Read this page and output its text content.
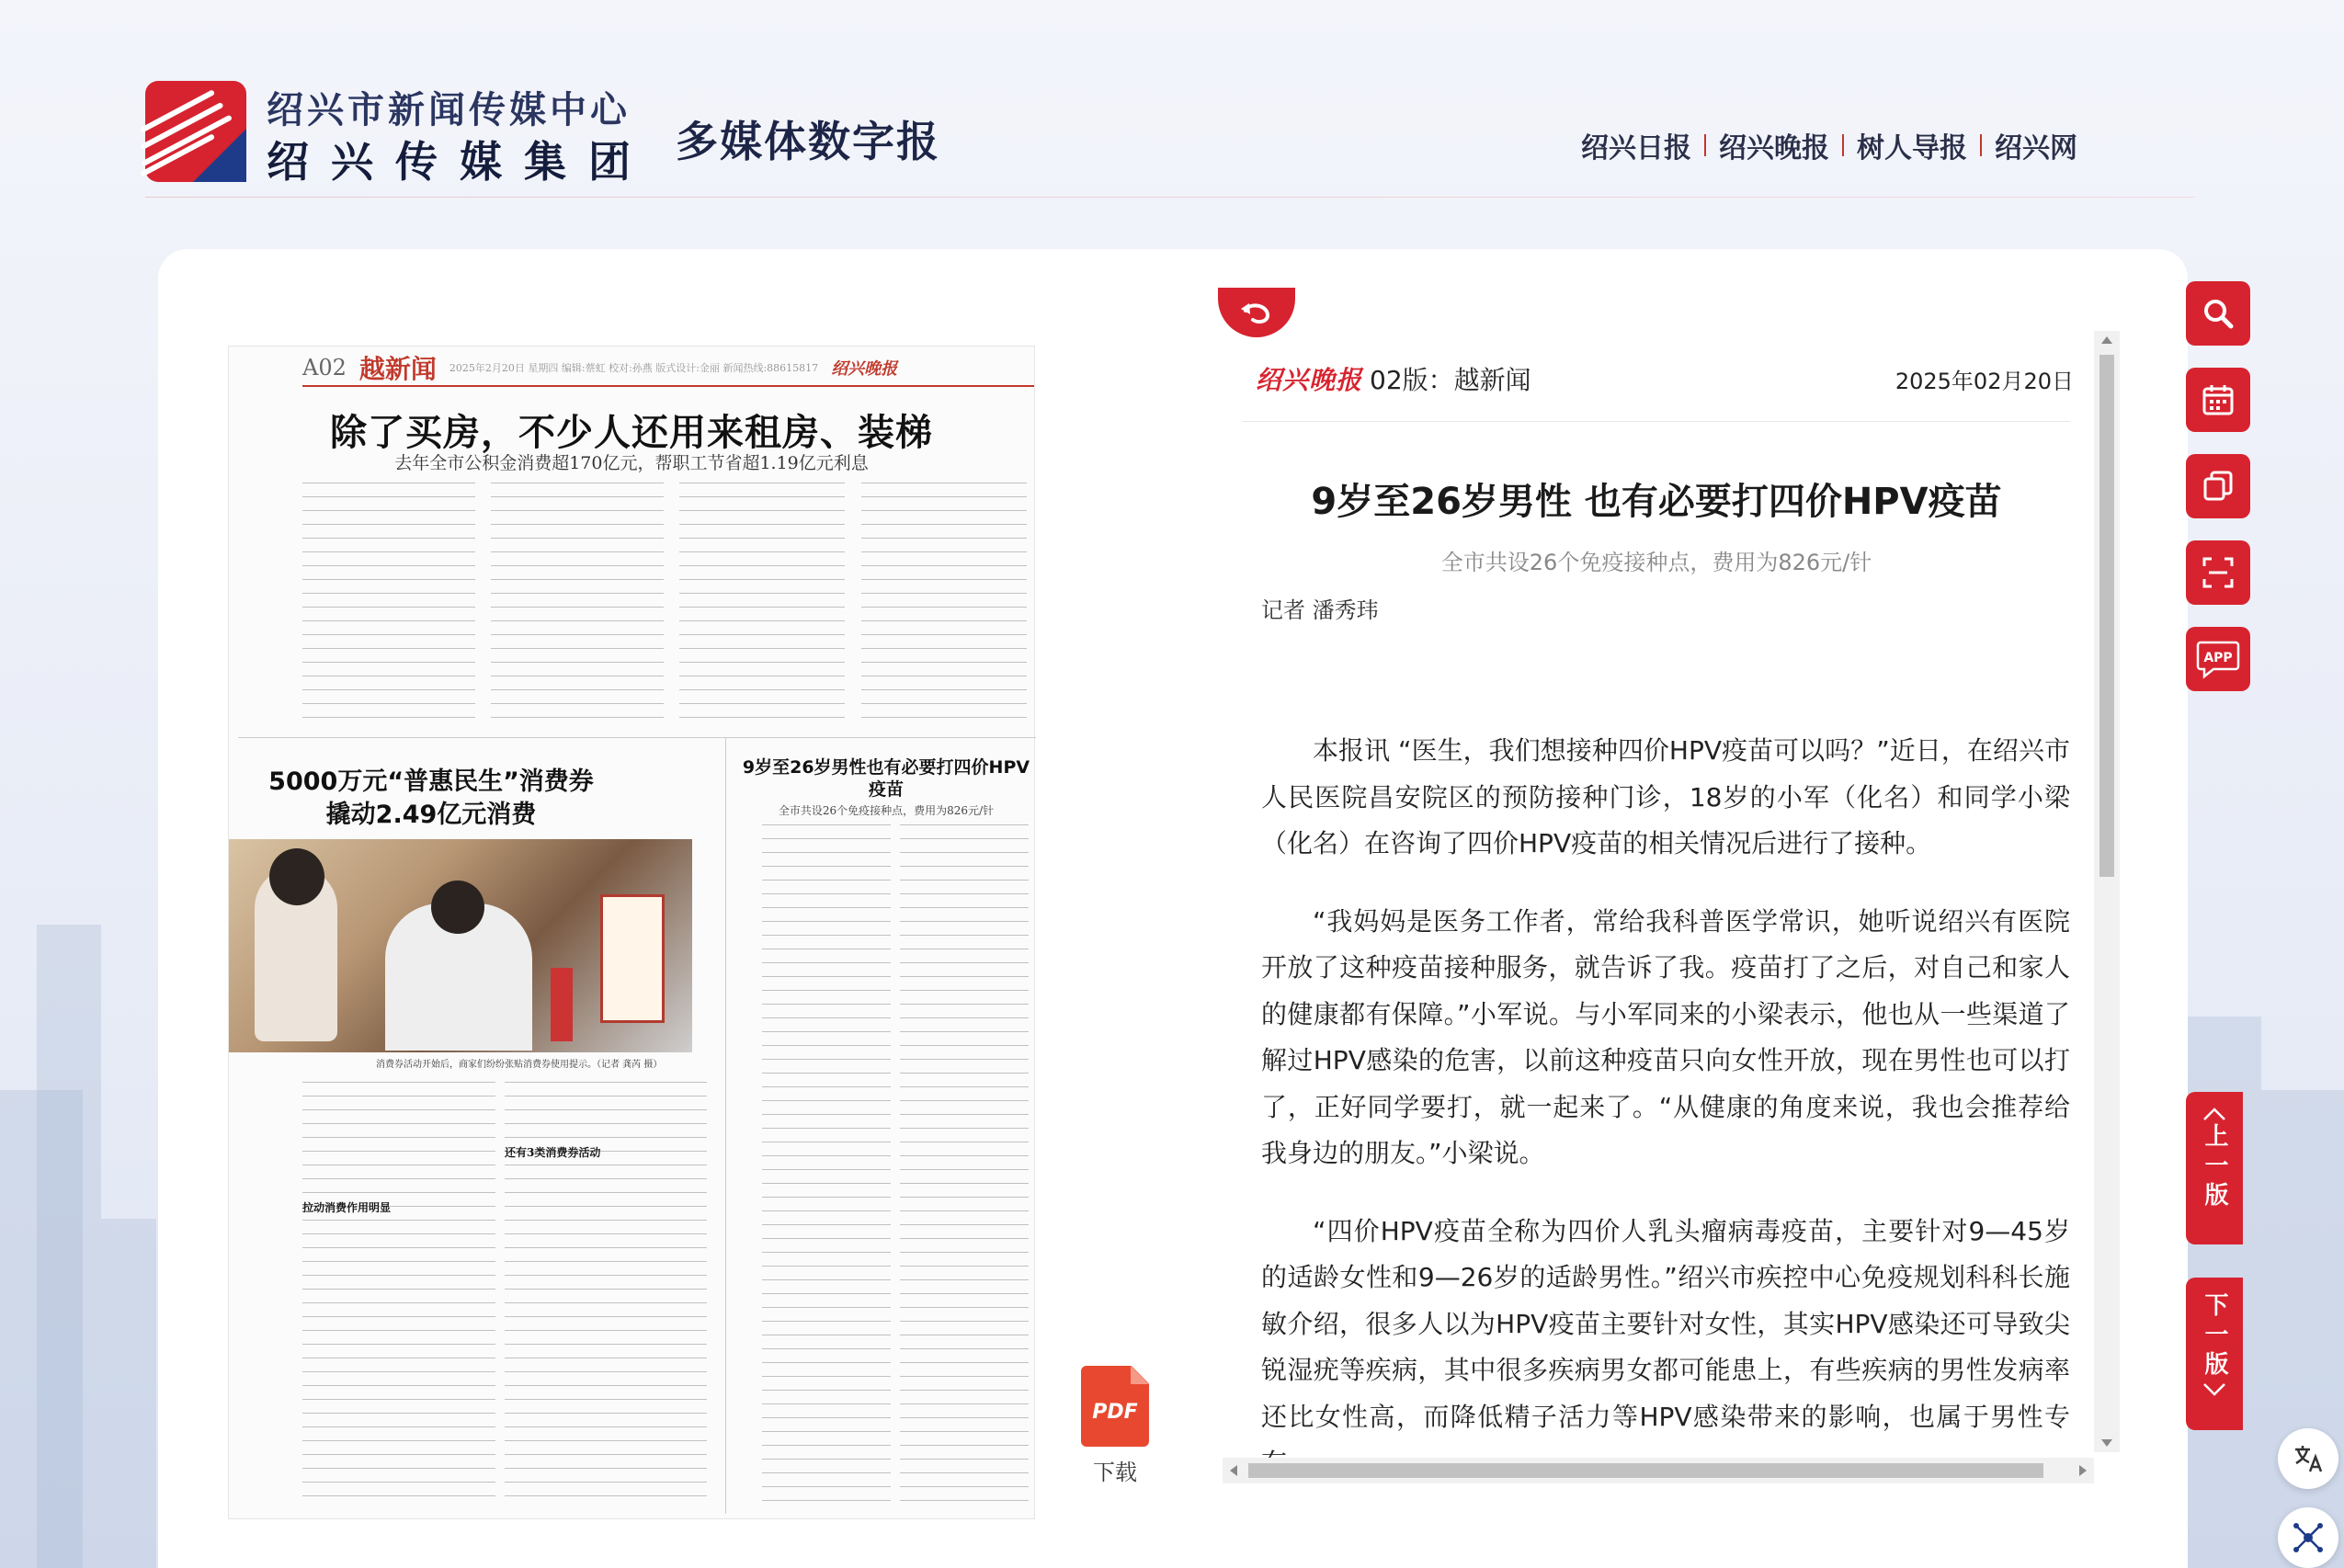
绍兴市新闻传媒中心
绍兴传媒集团 多媒体数字报	绍兴日报 绍兴晚报 树人导报 绍兴网
A02 越新闻 2025年2月20日 星期四 编辑:蔡虹 校对:孙燕 版式设计:金丽 新闻热线:88615817 绍兴晚报
除了买房，不少人还用来租房、装梯
去年全市公积金消费超170亿元，帮职工节省超1.19亿元利息
5000万元“普惠民生”消费券撬动2.49亿元消费
9岁至26岁男性也有必要打四价HPV疫苗
全市共设26个免疫接种点，费用为826元/针
消费券活动开始后，商家们纷纷张贴消费券使用提示。（记者 龚芮 摄）
拉动消费作用明显
还有3类消费券活动
PDF
下载
绍兴晚报 02版：越新闻	2025年02月20日
9岁至26岁男性 也有必要打四价HPV疫苗
全市共设26个免疫接种点，费用为826元/针
记者 潘秀玮

本报讯 “医生，我们想接种四价HPV疫苗可以吗？”近日，在绍兴市人民医院昌安院区的预防接种门诊，18岁的小军（化名）和同学小梁（化名）在咨询了四价HPV疫苗的相关情况后进行了接种。

“我妈妈是医务工作者，常给我科普医学常识，她听说绍兴有医院开放了这种疫苗接种服务，就告诉了我。疫苗打了之后，对自己和家人的健康都有保障。”小军说。与小军同来的小梁表示，他也从一些渠道了解过HPV感染的危害，以前这种疫苗只向女性开放，现在男性也可以打了，正好同学要打，就一起来了。“从健康的角度来说，我也会推荐给我身边的朋友。”小梁说。

“四价HPV疫苗全称为四价人乳头瘤病毒疫苗，主要针对9—45岁的适龄女性和9—26岁的适龄男性。”绍兴市疾控中心免疫规划科科长施敏介绍，很多人以为HPV疫苗主要针对女性，其实HPV感染还可导致尖锐湿疣等疾病，其中很多疾病男女都可能患上，有些疾病的男性发病率还比女性高，而降低精子活力等HPV感染带来的影响，也属于男性专

APP
上一版
下一版
